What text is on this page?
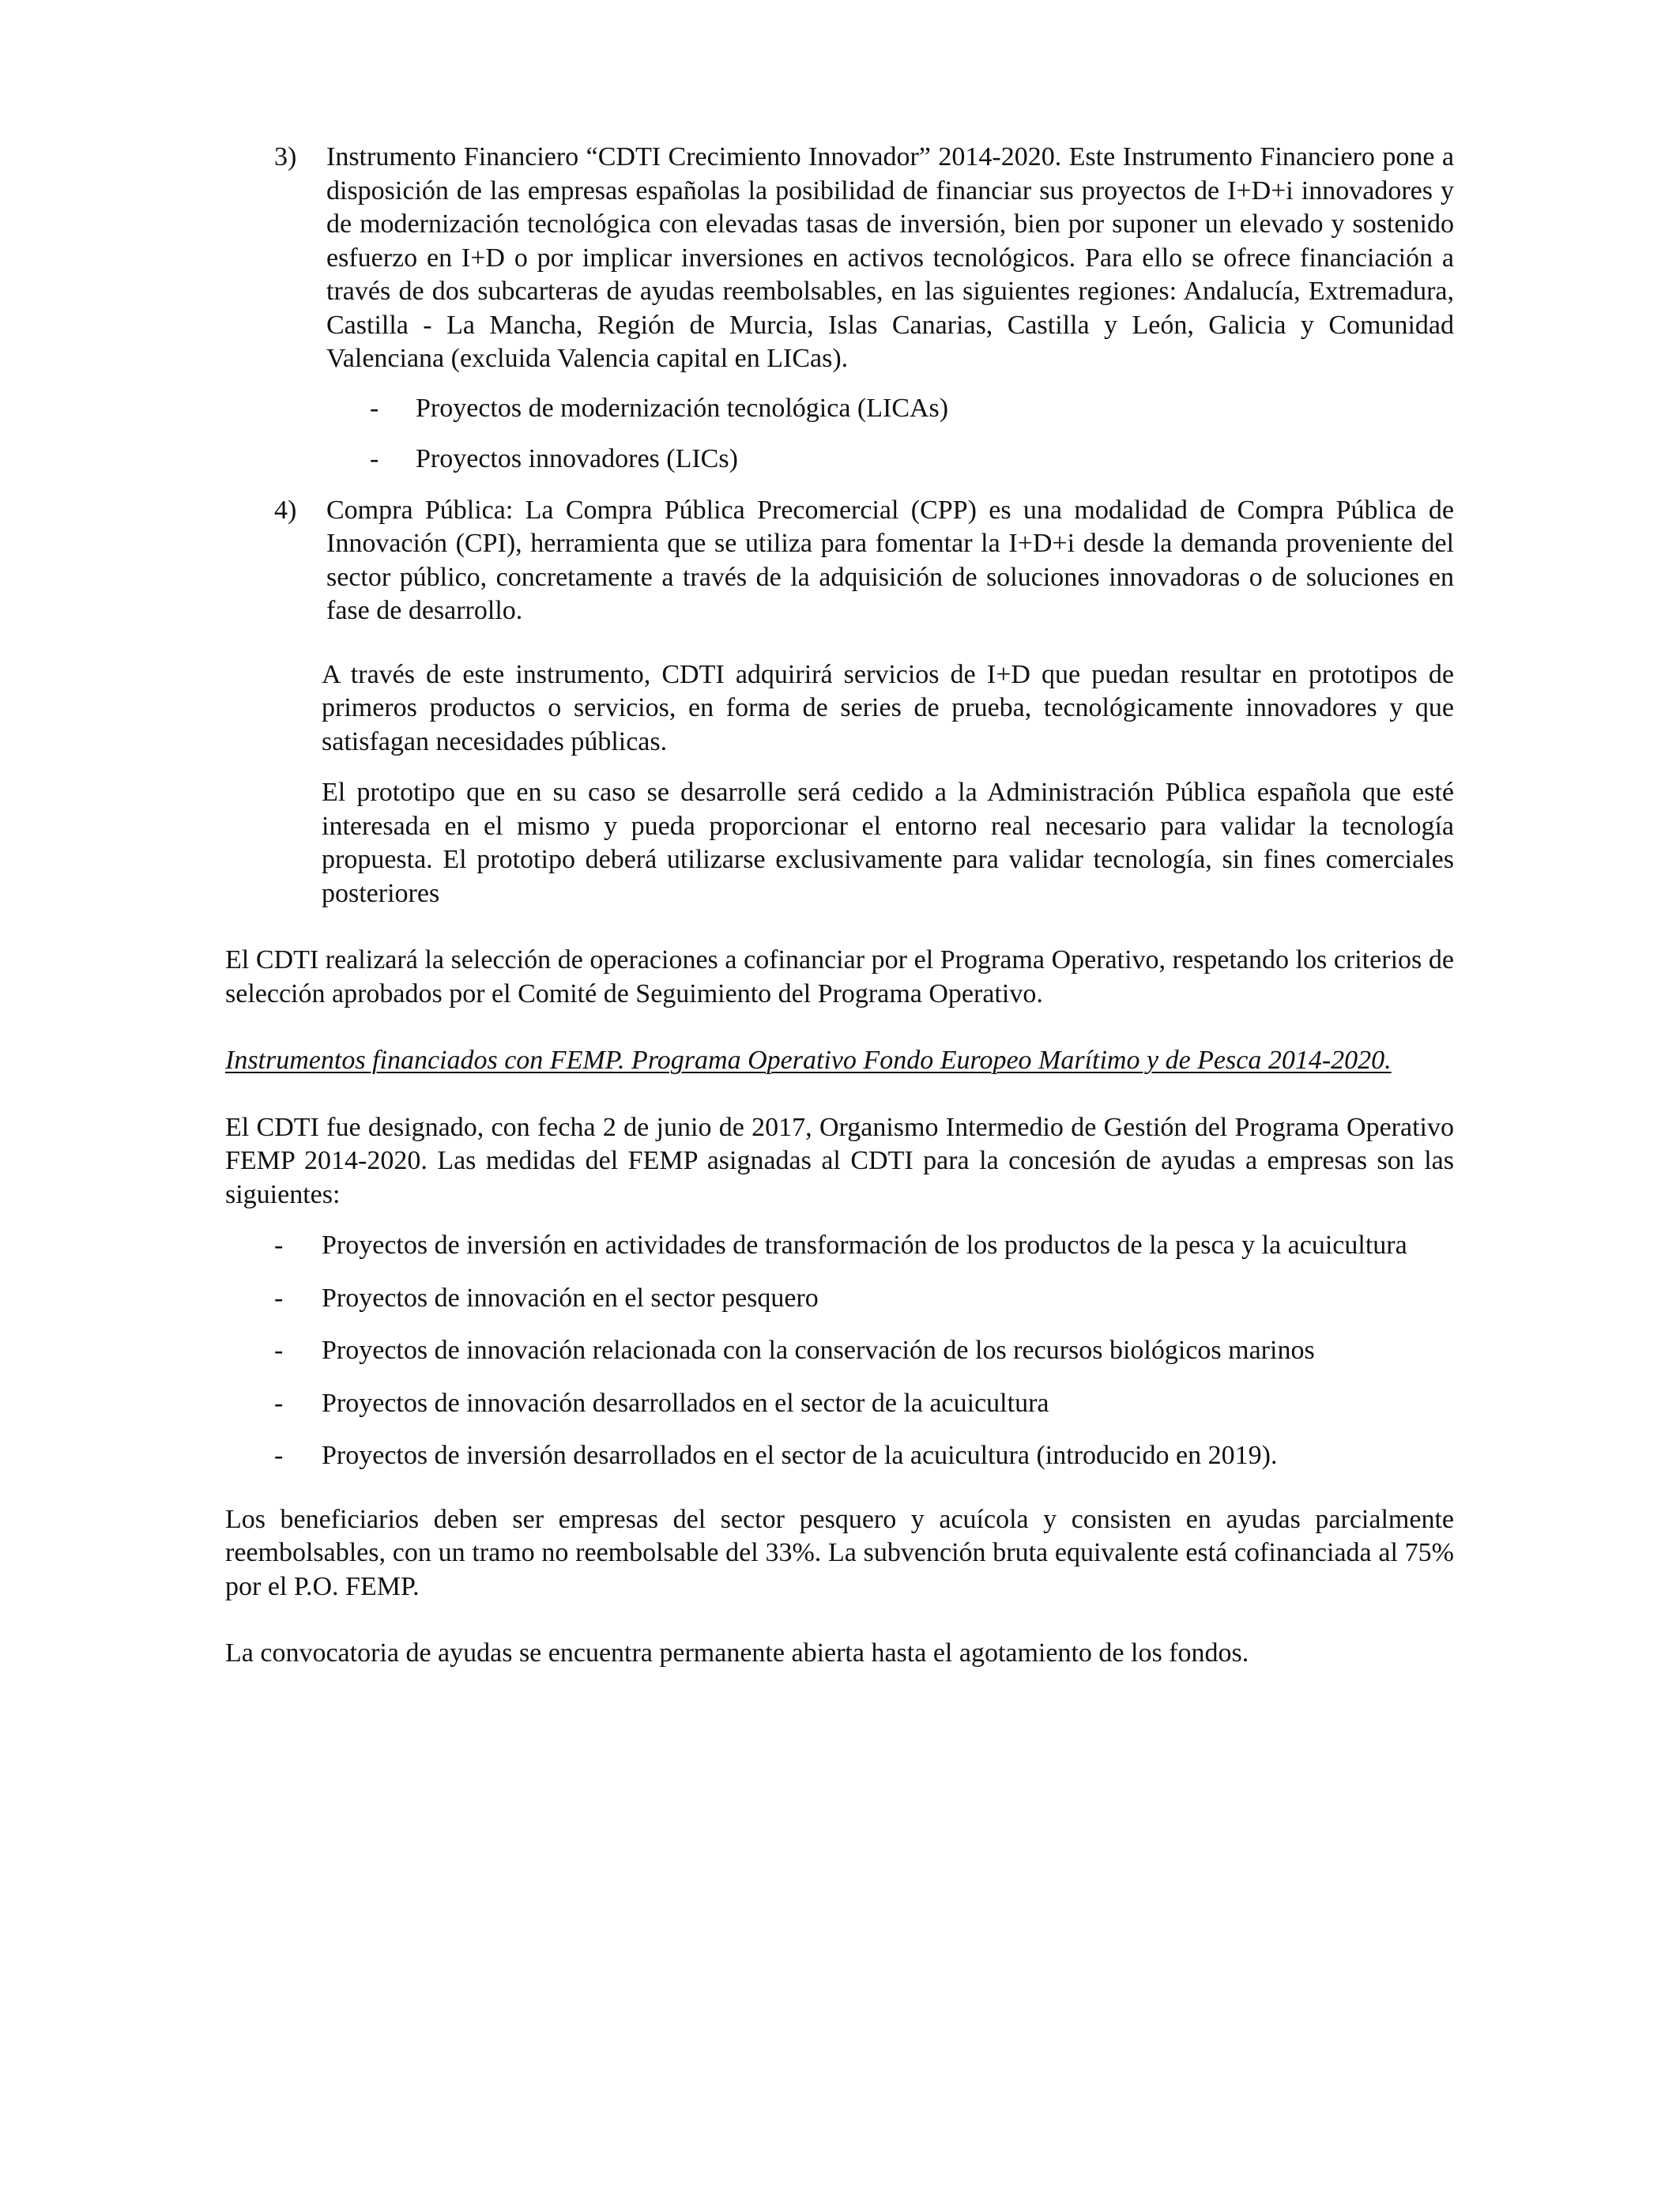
3) Instrumento Financiero “CDTI Crecimiento Innovador” 2014-2020. Este Instrumento Financiero pone a disposición de las empresas españolas la posibilidad de financiar sus proyectos de I+D+i innovadores y de modernización tecnológica con elevadas tasas de inversión, bien por suponer un elevado y sostenido esfuerzo en I+D o por implicar inversiones en activos tecnológicos. Para ello se ofrece financiación a través de dos subcarteras de ayudas reembolsables, en las siguientes regiones: Andalucía, Extremadura, Castilla - La Mancha, Región de Murcia, Islas Canarias, Castilla y León, Galicia y Comunidad Valenciana (excluida Valencia capital en LICas).

- Proyectos de modernización tecnológica (LICAs)
- Proyectos innovadores (LICs)
4) Compra Pública: La Compra Pública Precomercial (CPP) es una modalidad de Compra Pública de Innovación (CPI), herramienta que se utiliza para fomentar la I+D+i desde la demanda proveniente del sector público, concretamente a través de la adquisición de soluciones innovadoras o de soluciones en fase de desarrollo.

A través de este instrumento, CDTI adquirirá servicios de I+D que puedan resultar en prototipos de primeros productos o servicios, en forma de series de prueba, tecnológicamente innovadores y que satisfagan necesidades públicas.

El prototipo que en su caso se desarrolle será cedido a la Administración Pública española que esté interesada en el mismo y pueda proporcionar el entorno real necesario para validar la tecnología propuesta. El prototipo deberá utilizarse exclusivamente para validar tecnología, sin fines comerciales posteriores

El CDTI realizará la selección de operaciones a cofinanciar por el Programa Operativo, respetando los criterios de selección aprobados por el Comité de Seguimiento del Programa Operativo.

Instrumentos financiados con FEMP. Programa Operativo Fondo Europeo Marítimo y de Pesca 2014-2020.

El CDTI fue designado, con fecha 2 de junio de 2017, Organismo Intermedio de Gestión del Programa Operativo FEMP 2014-2020. Las medidas del FEMP asignadas al CDTI para la concesión de ayudas a empresas son las siguientes:

- Proyectos de inversión en actividades de transformación de los productos de la pesca y la acuicultura
- Proyectos de innovación en el sector pesquero
- Proyectos de innovación relacionada con la conservación de los recursos biológicos marinos
- Proyectos de innovación desarrollados en el sector de la acuicultura
- Proyectos de inversión desarrollados en el sector de la acuicultura (introducido en 2019).

Los beneficiarios deben ser empresas del sector pesquero y acuícola y consisten en ayudas parcialmente reembolsables, con un tramo no reembolsable del 33%. La subvención bruta equivalente está cofinanciada al 75% por el P.O. FEMP.

La convocatoria de ayudas se encuentra permanente abierta hasta el agotamiento de los fondos.
